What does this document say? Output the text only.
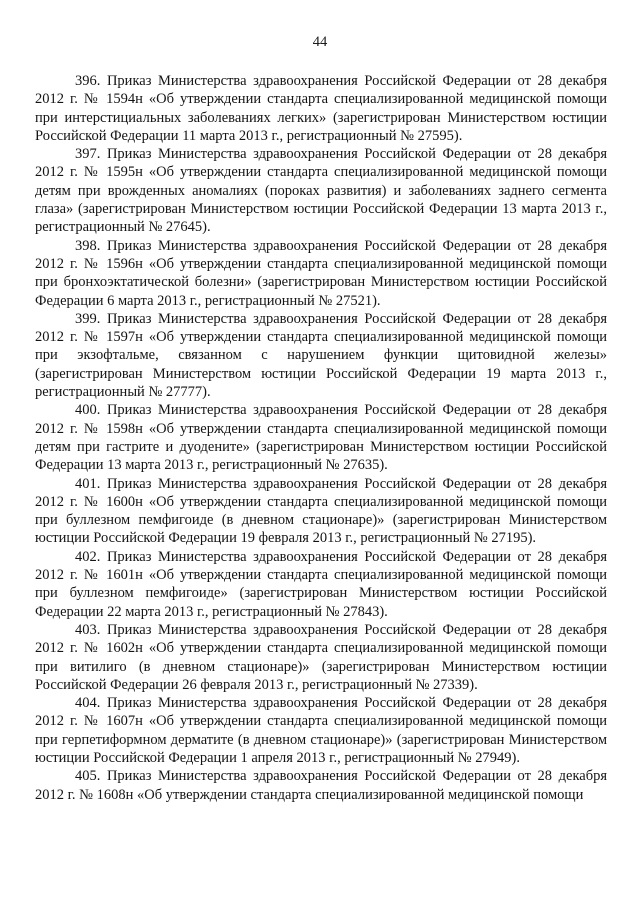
44

396. Приказ Министерства здравоохранения Российской Федерации от 28 декабря 2012 г. № 1594н «Об утверждении стандарта специализированной медицинской помощи при интерстициальных заболеваниях легких» (зарегистрирован Министерством юстиции Российской Федерации 11 марта 2013 г., регистрационный № 27595).

397. Приказ Министерства здравоохранения Российской Федерации от 28 декабря 2012 г. № 1595н «Об утверждении стандарта специализированной медицинской помощи детям при врожденных аномалиях (пороках развития) и заболеваниях заднего сегмента глаза» (зарегистрирован Министерством юстиции Российской Федерации 13 марта 2013 г., регистрационный № 27645).

398. Приказ Министерства здравоохранения Российской Федерации от 28 декабря 2012 г. № 1596н «Об утверждении стандарта специализированной медицинской помощи при бронхоэктатической болезни» (зарегистрирован Министерством юстиции Российской Федерации 6 марта 2013 г., регистрационный № 27521).

399. Приказ Министерства здравоохранения Российской Федерации от 28 декабря 2012 г. № 1597н «Об утверждении стандарта специализированной медицинской помощи при экзофтальме, связанном с нарушением функции щитовидной железы» (зарегистрирован Министерством юстиции Российской Федерации 19 марта 2013 г., регистрационный № 27777).

400. Приказ Министерства здравоохранения Российской Федерации от 28 декабря 2012 г. № 1598н «Об утверждении стандарта специализированной медицинской помощи детям при гастрите и дуодените» (зарегистрирован Министерством юстиции Российской Федерации 13 марта 2013 г., регистрационный № 27635).

401. Приказ Министерства здравоохранения Российской Федерации от 28 декабря 2012 г. № 1600н «Об утверждении стандарта специализированной медицинской помощи при буллезном пемфигоиде (в дневном стационаре)» (зарегистрирован Министерством юстиции Российской Федерации 19 февраля 2013 г., регистрационный № 27195).

402. Приказ Министерства здравоохранения Российской Федерации от 28 декабря 2012 г. № 1601н «Об утверждении стандарта специализированной медицинской помощи при буллезном пемфигоиде» (зарегистрирован Министерством юстиции Российской Федерации 22 марта 2013 г., регистрационный № 27843).

403. Приказ Министерства здравоохранения Российской Федерации от 28 декабря 2012 г. № 1602н «Об утверждении стандарта специализированной медицинской помощи при витилиго (в дневном стационаре)» (зарегистрирован Министерством юстиции Российской Федерации 26 февраля 2013 г., регистрационный № 27339).

404. Приказ Министерства здравоохранения Российской Федерации от 28 декабря 2012 г. № 1607н «Об утверждении стандарта специализированной медицинской помощи при герпетиформном дерматите (в дневном стационаре)» (зарегистрирован Министерством юстиции Российской Федерации 1 апреля 2013 г., регистрационный № 27949).

405. Приказ Министерства здравоохранения Российской Федерации от 28 декабря 2012 г. № 1608н «Об утверждении стандарта специализированной медицинской помощи
